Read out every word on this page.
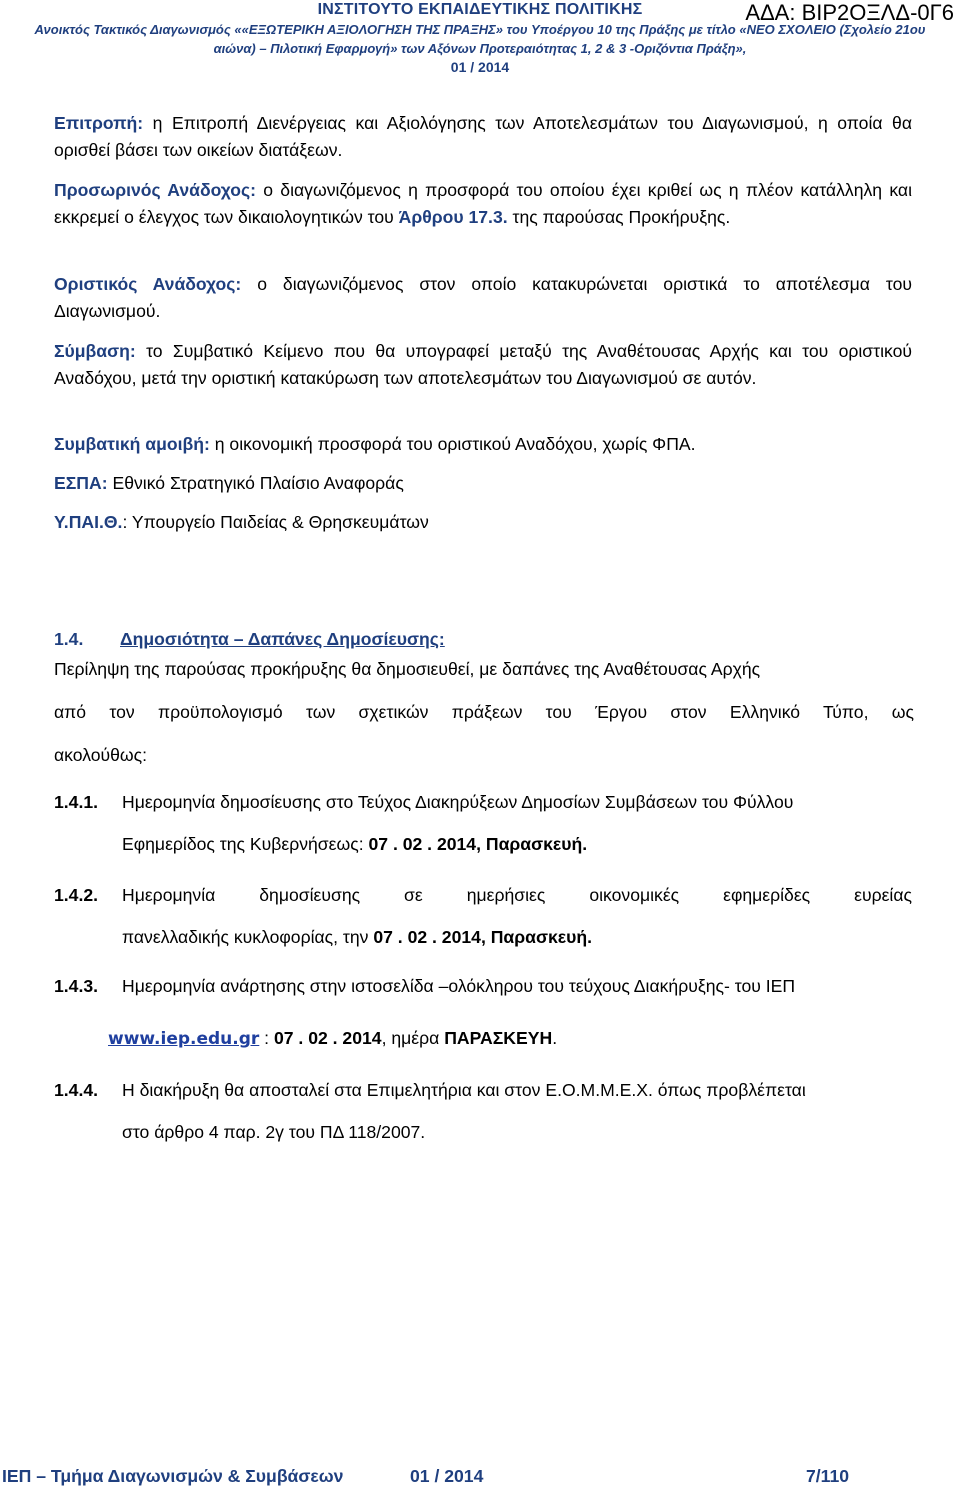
ΑΔΑ: ΒΙΡ2ΟΞΛΔ-0Γ6
ΙΝΣΤΙΤΟΥΤΟ ΕΚΠΑΙΔΕΥΤΙΚΗΣ ΠΟΛΙΤΙΚΗΣ
Ανοικτός Τακτικός Διαγωνισμός ««ΕΞΩΤΕΡΙΚΗ ΑΞΙΟΛΟΓΗΣΗ ΤΗΣ ΠΡΑΞΗΣ» του Υποέργου 10 της Πράξης με τίτλο «ΝΕΟ ΣΧΟΛΕΙΟ (Σχολείο 21ου
αιώνα) – Πιλοτική Εφαρμογή» των Αξόνων Προτεραιότητας 1, 2 & 3 -Οριζόντια Πράξη»,
01 / 2014
Επιτροπή: η Επιτροπή Διενέργειας και Αξιολόγησης των Αποτελεσμάτων του Διαγωνισμού, η οποία θα ορισθεί βάσει των οικείων διατάξεων.
Προσωρινός Ανάδοχος: ο διαγωνιζόμενος η προσφορά του οποίου έχει κριθεί ως η πλέον κατάλληλη και εκκρεμεί ο έλεγχος των δικαιολογητικών του Άρθρου 17.3. της παρούσας Προκήρυξης.
Οριστικός Ανάδοχος: ο διαγωνιζόμενος στον οποίο κατακυρώνεται οριστικά το αποτέλεσμα του Διαγωνισμού.
Σύμβαση: το Συμβατικό Κείμενο που θα υπογραφεί μεταξύ της Αναθέτουσας Αρχής και του οριστικού Αναδόχου, μετά την οριστική κατακύρωση των αποτελεσμάτων του Διαγωνισμού σε αυτόν.
Συμβατική αμοιβή: η οικονομική προσφορά του οριστικού Αναδόχου, χωρίς ΦΠΑ.
ΕΣΠΑ: Εθνικό Στρατηγικό Πλαίσιο Αναφοράς
Υ.ΠΑΙ.Θ.: Υπουργείο Παιδείας & Θρησκευμάτων
1.4. Δημοσιότητα – Δαπάνες Δημοσίευσης:
Περίληψη της παρούσας προκήρυξης θα δημοσιευθεί, με δαπάνες της Αναθέτουσας Αρχής
από τον προϋπολογισμό των σχετικών πράξεων του Έργου στον Ελληνικό Τύπο, ως
ακολούθως:
1.4.1. Ημερομηνία δημοσίευσης στο Τεύχος Διακηρύξεων Δημοσίων Συμβάσεων του Φύλλου
Εφημερίδος της Κυβερνήσεως: 07 . 02 . 2014, Παρασκευή.
1.4.2. Ημερομηνία δημοσίευσης σε ημερήσιες οικονομικές εφημερίδες ευρείας
πανελλαδικής κυκλοφορίας, την 07 . 02 . 2014, Παρασκευή.
1.4.3. Ημερομηνία ανάρτησης στην ιστοσελίδα –ολόκληρου του τεύχους Διακήρυξης- του ΙΕΠ
www.iep.edu.gr : 07 . 02 . 2014, ημέρα ΠΑΡΑΣΚΕΥΗ.
1.4.4. Η διακήρυξη θα αποσταλεί στα Επιμελητήρια και στον Ε.Ο.Μ.Μ.Ε.Χ. όπως προβλέπεται
στο άρθρο 4 παρ. 2γ του ΠΔ 118/2007.
ΙΕΠ – Τμήμα Διαγωνισμών & Συμβάσεων	01 / 2014	7/110
